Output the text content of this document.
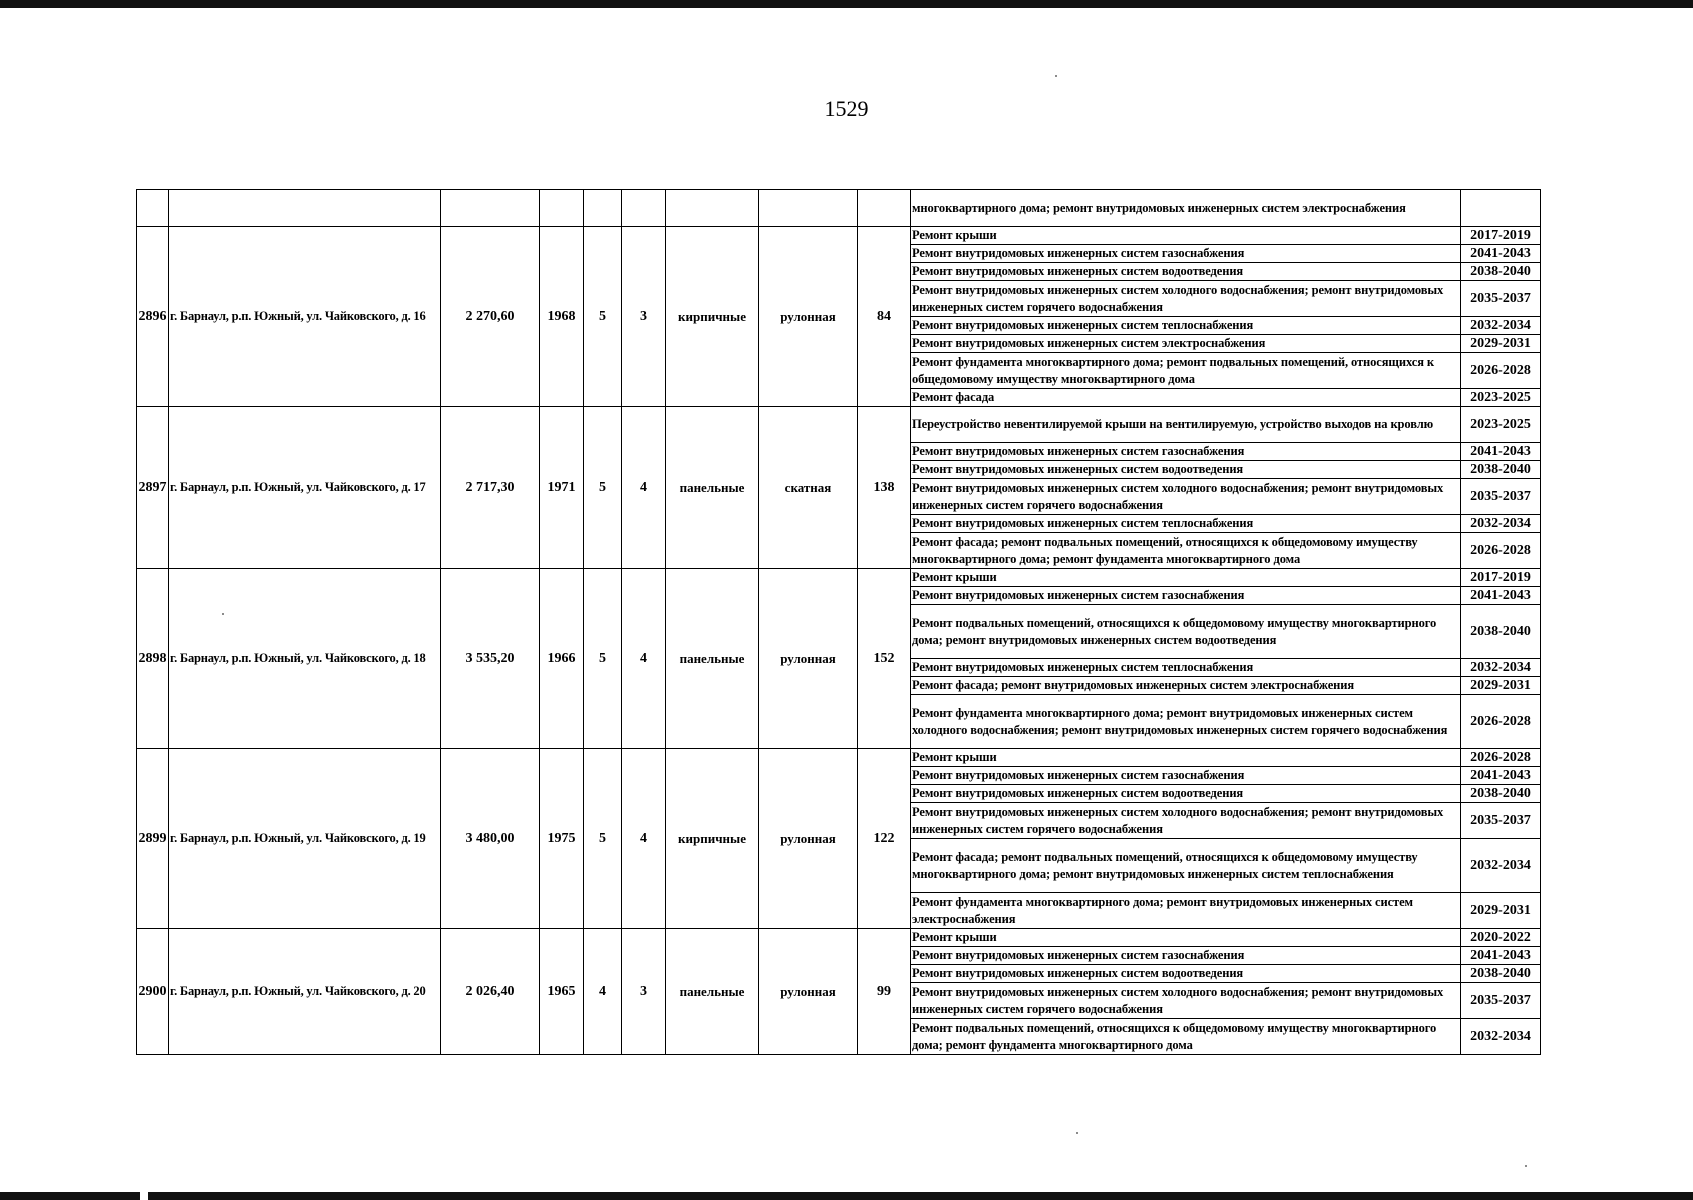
1529
									многоквартирного дома; ремонт внутридомовых инженерных систем электроснабжения	
2896	г. Барнаул, р.п. Южный, ул. Чайковского, д. 16	2 270,60	1968	5	3	кирпичные	рулонная	84	Ремонт крыши	2017-2019
									Ремонт внутридомовых инженерных систем газоснабжения	2041-2043
									Ремонт внутридомовых инженерных систем водоотведения	2038-2040
									Ремонт внутридомовых инженерных систем холодного водоснабжения; ремонт внутридомовых инженерных систем горячего водоснабжения	2035-2037
									Ремонт внутридомовых инженерных систем теплоснабжения	2032-2034
									Ремонт внутридомовых инженерных систем электроснабжения	2029-2031
									Ремонт фундамента многоквартирного дома; ремонт подвальных помещений, относящихся к общедомовому имуществу многоквартирного дома	2026-2028
									Ремонт фасада	2023-2025
2897	г. Барнаул, р.п. Южный, ул. Чайковского, д. 17	2 717,30	1971	5	4	панельные	скатная	138	Переустройство невентилируемой крыши на вентилируемую, устройство выходов на кровлю	2023-2025
									Ремонт внутридомовых инженерных систем газоснабжения	2041-2043
									Ремонт внутридомовых инженерных систем водоотведения	2038-2040
									Ремонт внутридомовых инженерных систем холодного водоснабжения; ремонт внутридомовых инженерных систем горячего водоснабжения	2035-2037
									Ремонт внутридомовых инженерных систем теплоснабжения	2032-2034
									Ремонт фасада; ремонт подвальных помещений, относящихся к общедомовому имуществу многоквартирного дома; ремонт фундамента многоквартирного дома	2026-2028
2898	г. Барнаул, р.п. Южный, ул. Чайковского, д. 18	3 535,20	1966	5	4	панельные	рулонная	152	Ремонт крыши	2017-2019
									Ремонт внутридомовых инженерных систем газоснабжения	2041-2043
									Ремонт подвальных помещений, относящихся к общедомовому имуществу многоквартирного дома; ремонт внутридомовых инженерных систем водоотведения	2038-2040
									Ремонт внутридомовых инженерных систем теплоснабжения	2032-2034
									Ремонт фасада; ремонт внутридомовых инженерных систем электроснабжения	2029-2031
									Ремонт фундамента многоквартирного дома; ремонт внутридомовых инженерных систем холодного водоснабжения; ремонт внутридомовых инженерных систем горячего водоснабжения	2026-2028
2899	г. Барнаул, р.п. Южный, ул. Чайковского, д. 19	3 480,00	1975	5	4	кирпичные	рулонная	122	Ремонт крыши	2026-2028
									Ремонт внутридомовых инженерных систем газоснабжения	2041-2043
									Ремонт внутридомовых инженерных систем водоотведения	2038-2040
									Ремонт внутридомовых инженерных систем холодного водоснабжения; ремонт внутридомовых инженерных систем горячего водоснабжения	2035-2037
									Ремонт фасада; ремонт подвальных помещений, относящихся к общедомовому имуществу многоквартирного дома; ремонт внутридомовых инженерных систем теплоснабжения	2032-2034
									Ремонт фундамента многоквартирного дома; ремонт внутридомовых инженерных систем электроснабжения	2029-2031
2900	г. Барнаул, р.п. Южный, ул. Чайковского, д. 20	2 026,40	1965	4	3	панельные	рулонная	99	Ремонт крыши	2020-2022
									Ремонт внутридомовых инженерных систем газоснабжения	2041-2043
									Ремонт внутридомовых инженерных систем водоотведения	2038-2040
									Ремонт внутридомовых инженерных систем холодного водоснабжения; ремонт внутридомовых инженерных систем горячего водоснабжения	2035-2037
									Ремонт подвальных помещений, относящихся к общедомовому имуществу многоквартирного дома; ремонт фундамента многоквартирного дома	2032-2034
